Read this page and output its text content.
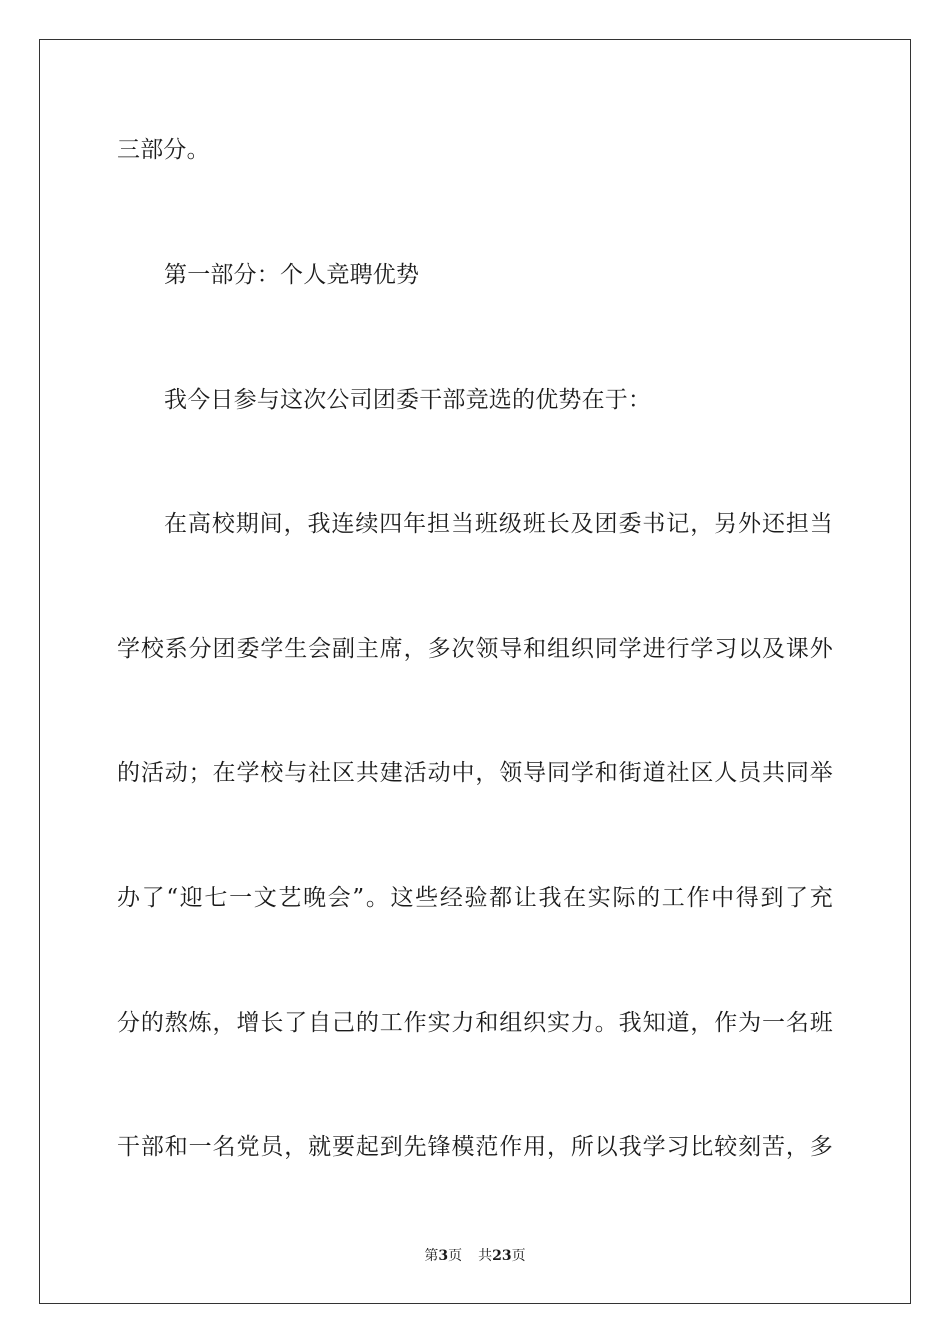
三部分。
第一部分：个人竞聘优势
我今日参与这次公司团委干部竞选的优势在于：
在高校期间，我连续四年担当班级班长及团委书记，另外还担当
学校系分团委学生会副主席，多次领导和组织同学进行学习以及课外
的活动；在学校与社区共建活动中，领导同学和街道社区人员共同举
办了“迎七一文艺晚会”。这些经验都让我在实际的工作中得到了充
分的熬炼，增长了自己的工作实力和组织实力。我知道，作为一名班
干部和一名党员，就要起到先锋模范作用，所以我学习比较刻苦，多
第3页 共23页
